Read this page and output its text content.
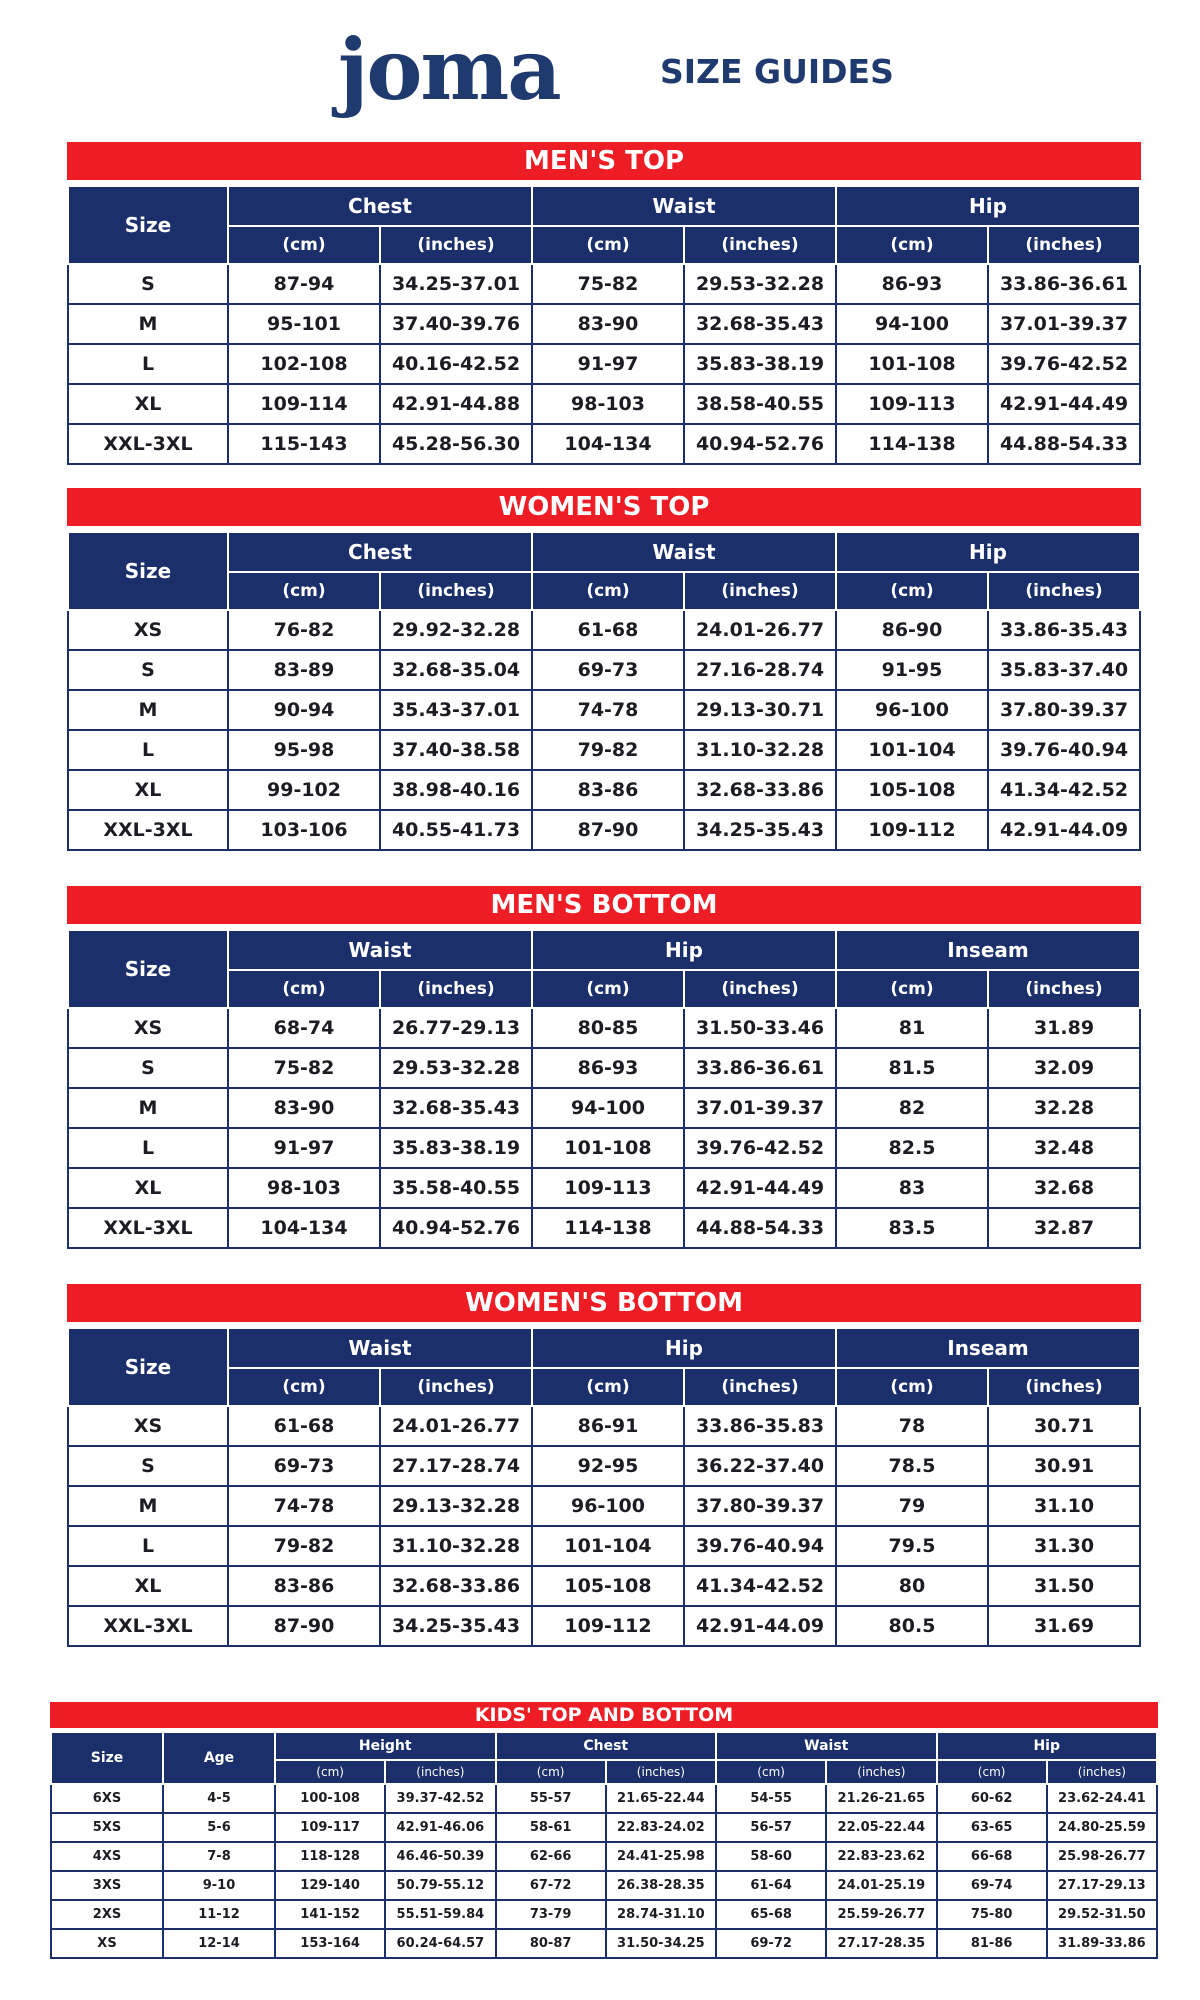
joma	SIZE GUIDES
MEN'S TOP
Size	Chest		Waist		Hip	
	(cm)	(inches)	(cm)	(inches)	(cm)	(inches)
S	87-94	34.25-37.01	75-82	29.53-32.28	86-93	33.86-36.61
M	95-101	37.40-39.76	83-90	32.68-35.43	94-100	37.01-39.37
L	102-108	40.16-42.52	91-97	35.83-38.19	101-108	39.76-42.52
XL	109-114	42.91-44.88	98-103	38.58-40.55	109-113	42.91-44.49
XXL-3XL	115-143	45.28-56.30	104-134	40.94-52.76	114-138	44.88-54.33
WOMEN'S TOP
Size	Chest		Waist		Hip	
	(cm)	(inches)	(cm)	(inches)	(cm)	(inches)
XS	76-82	29.92-32.28	61-68	24.01-26.77	86-90	33.86-35.43
S	83-89	32.68-35.04	69-73	27.16-28.74	91-95	35.83-37.40
M	90-94	35.43-37.01	74-78	29.13-30.71	96-100	37.80-39.37
L	95-98	37.40-38.58	79-82	31.10-32.28	101-104	39.76-40.94
XL	99-102	38.98-40.16	83-86	32.68-33.86	105-108	41.34-42.52
XXL-3XL	103-106	40.55-41.73	87-90	34.25-35.43	109-112	42.91-44.09
MEN'S BOTTOM
Size	Waist		Hip		Inseam	
	(cm)	(inches)	(cm)	(inches)	(cm)	(inches)
XS	68-74	26.77-29.13	80-85	31.50-33.46	81	31.89
S	75-82	29.53-32.28	86-93	33.86-36.61	81.5	32.09
M	83-90	32.68-35.43	94-100	37.01-39.37	82	32.28
L	91-97	35.83-38.19	101-108	39.76-42.52	82.5	32.48
XL	98-103	35.58-40.55	109-113	42.91-44.49	83	32.68
XXL-3XL	104-134	40.94-52.76	114-138	44.88-54.33	83.5	32.87
WOMEN'S BOTTOM
Size	Waist		Hip		Inseam	
	(cm)	(inches)	(cm)	(inches)	(cm)	(inches)
XS	61-68	24.01-26.77	86-91	33.86-35.83	78	30.71
S	69-73	27.17-28.74	92-95	36.22-37.40	78.5	30.91
M	74-78	29.13-32.28	96-100	37.80-39.37	79	31.10
L	79-82	31.10-32.28	101-104	39.76-40.94	79.5	31.30
XL	83-86	32.68-33.86	105-108	41.34-42.52	80	31.50
XXL-3XL	87-90	34.25-35.43	109-112	42.91-44.09	80.5	31.69
KIDS' TOP AND BOTTOM
Size	Age	Height		Chest		Waist		Hip	
		(cm)	(inches)	(cm)	(inches)	(cm)	(inches)	(cm)	(inches)
6XS	4-5	100-108	39.37-42.52	55-57	21.65-22.44	54-55	21.26-21.65	60-62	23.62-24.41
5XS	5-6	109-117	42.91-46.06	58-61	22.83-24.02	56-57	22.05-22.44	63-65	24.80-25.59
4XS	7-8	118-128	46.46-50.39	62-66	24.41-25.98	58-60	22.83-23.62	66-68	25.98-26.77
3XS	9-10	129-140	50.79-55.12	67-72	26.38-28.35	61-64	24.01-25.19	69-74	27.17-29.13
2XS	11-12	141-152	55.51-59.84	73-79	28.74-31.10	65-68	25.59-26.77	75-80	29.52-31.50
XS	12-14	153-164	60.24-64.57	80-87	31.50-34.25	69-72	27.17-28.35	81-86	31.89-33.86
